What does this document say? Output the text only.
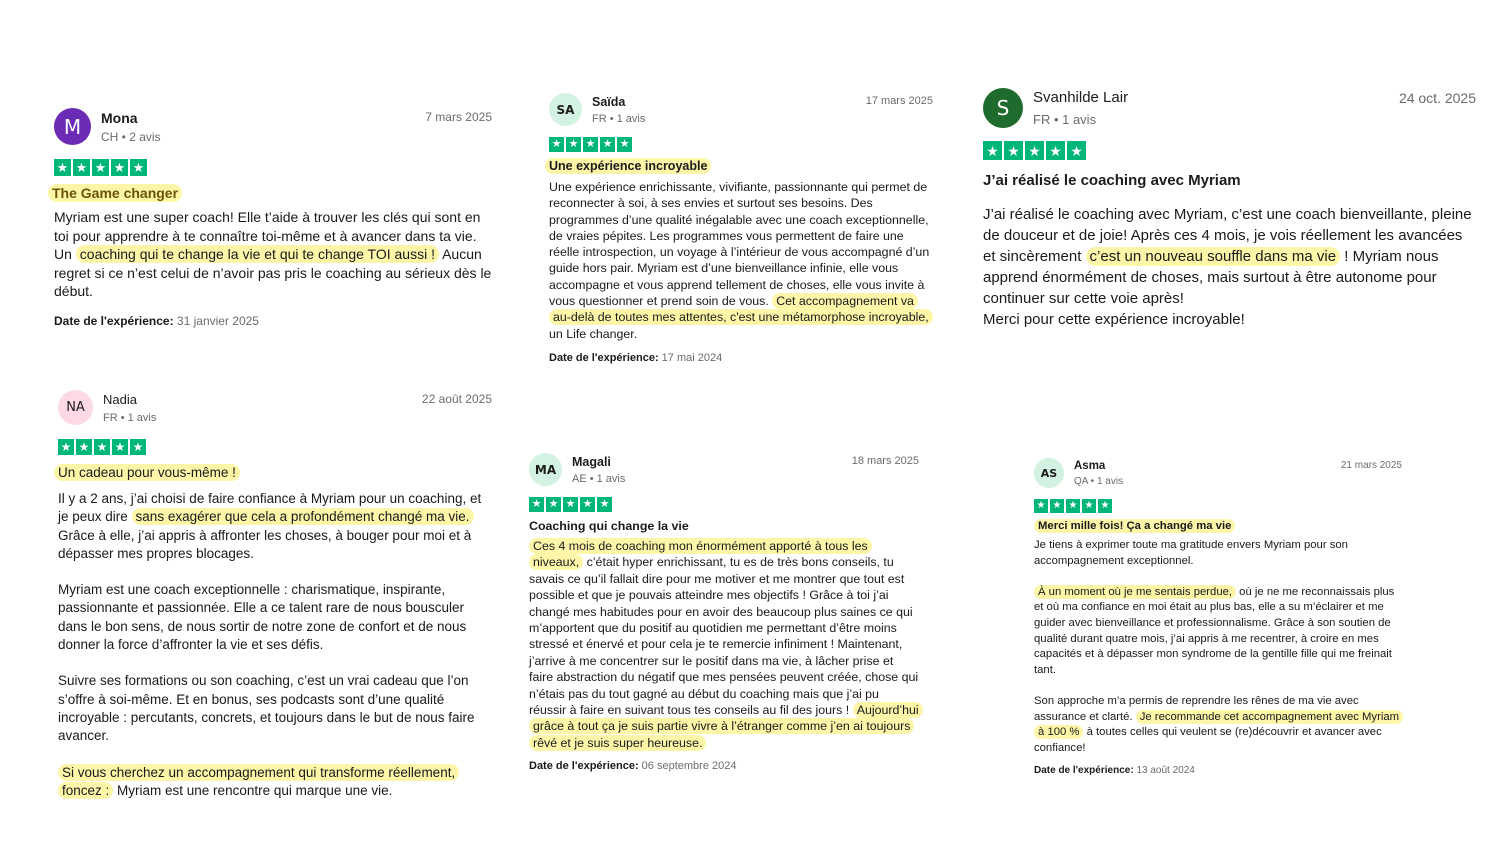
M	Mona
CH • 2 avis
7 mars 2025
★ ★ ★ ★ ★
The Game changer

Myriam est une super coach! Elle t’aide à trouver les clés qui sont en toi pour apprendre à te connaître toi-même et à avancer dans ta vie. Un coaching qui te change la vie et qui te change TOI aussi ! Aucun regret si ce n’est celui de n’avoir pas pris le coaching au sérieux dès le début.

Date de l'expérience: 31 janvier 2025
SA
Saïda
FR • 1 avis
17 mars 2025
★ ★ ★ ★ ★
Une expérience incroyable

Une expérience enrichissante, vivifiante, passionnante qui permet de reconnecter à soi, à ses envies et surtout ses besoins. Des programmes d’une qualité inégalable avec une coach exceptionnelle, de vraies pépites. Les programmes vous permettent de faire une réelle introspection, un voyage à l’intérieur de vous accompagné d’un guide hors pair. Myriam est d’une bienveillance infinie, elle vous accompagne et vous apprend tellement de choses, elle vous invite à vous questionner et prend soin de vous. Cet accompagnement va au-delà de toutes mes attentes, c'est une métamorphose incroyable, un Life changer.

Date de l'expérience: 17 mai 2024
S	Svanhilde Lair
FR • 1 avis
24 oct. 2025
★ ★ ★ ★ ★
J’ai réalisé le coaching avec Myriam

J’ai réalisé le coaching avec Myriam, c’est une coach bienveillante, pleine de douceur et de joie! Après ces 4 mois, je vois réellement les avancées et sincèrement c’est un nouveau souffle dans ma vie ! Myriam nous apprend énormément de choses, mais surtout à être autonome pour continuer sur cette voie après!

Merci pour cette expérience incroyable!

NA
Nadia
FR • 1 avis
22 août 2025
★ ★ ★ ★ ★
Un cadeau pour vous-même !

Il y a 2 ans, j’ai choisi de faire confiance à Myriam pour un coaching, et je peux dire sans exagérer que cela a profondément changé ma vie. Grâce à elle, j’ai appris à affronter les choses, à bouger pour moi et à dépasser mes propres blocages.

Myriam est une coach exceptionnelle : charismatique, inspirante, passionnante et passionnée. Elle a ce talent rare de nous bousculer dans le bon sens, de nous sortir de notre zone de confort et de nous donner la force d’affronter la vie et ses défis.

Suivre ses formations ou son coaching, c’est un vrai cadeau que l’on s’offre à soi-même. Et en bonus, ses podcasts sont d’une qualité incroyable : percutants, concrets, et toujours dans le but de nous faire avancer.

Si vous cherchez un accompagnement qui transforme réellement, foncez : Myriam est une rencontre qui marque une vie.

MA
Magali
AE • 1 avis
18 mars 2025
★ ★ ★ ★ ★
Coaching qui change la vie

Ces 4 mois de coaching mon énormément apporté à tous les niveaux, c’était hyper enrichissant, tu es de très bons conseils, tu savais ce qu’il fallait dire pour me motiver et me montrer que tout est possible et que je pouvais atteindre mes objectifs ! Grâce à toi j’ai changé mes habitudes pour en avoir des beaucoup plus saines ce qui m’apportent que du positif au quotidien me permettant d’être moins stressé et énervé et pour cela je te remercie infiniment ! Maintenant, j’arrive à me concentrer sur le positif dans ma vie, à lâcher prise et faire abstraction du négatif que mes pensées peuvent créée, chose qui n’étais pas du tout gagné au début du coaching mais que j’ai pu réussir à faire en suivant tous tes conseils au fil des jours ! Aujourd’hui grâce à tout ça je suis partie vivre à l’étranger comme j’en ai toujours rêvé et je suis super heureuse.

Date de l'expérience: 06 septembre 2024
AS
Asma
QA • 1 avis
21 mars 2025
★ ★ ★ ★ ★
Merci mille fois! Ça a changé ma vie

Je tiens à exprimer toute ma gratitude envers Myriam pour son accompagnement exceptionnel.

À un moment où je me sentais perdue, où je ne me reconnaissais plus et où ma confiance en moi était au plus bas, elle a su m’éclairer et me guider avec bienveillance et professionnalisme. Grâce à son soutien de qualité durant quatre mois, j’ai appris à me recentrer, à croire en mes capacités et à dépasser mon syndrome de la gentille fille qui me freinait tant.

Son approche m’a permis de reprendre les rênes de ma vie avec assurance et clarté. Je recommande cet accompagnement avec Myriam à 100 % à toutes celles qui veulent se (re)découvrir et avancer avec confiance!

Date de l'expérience: 13 août 2024
